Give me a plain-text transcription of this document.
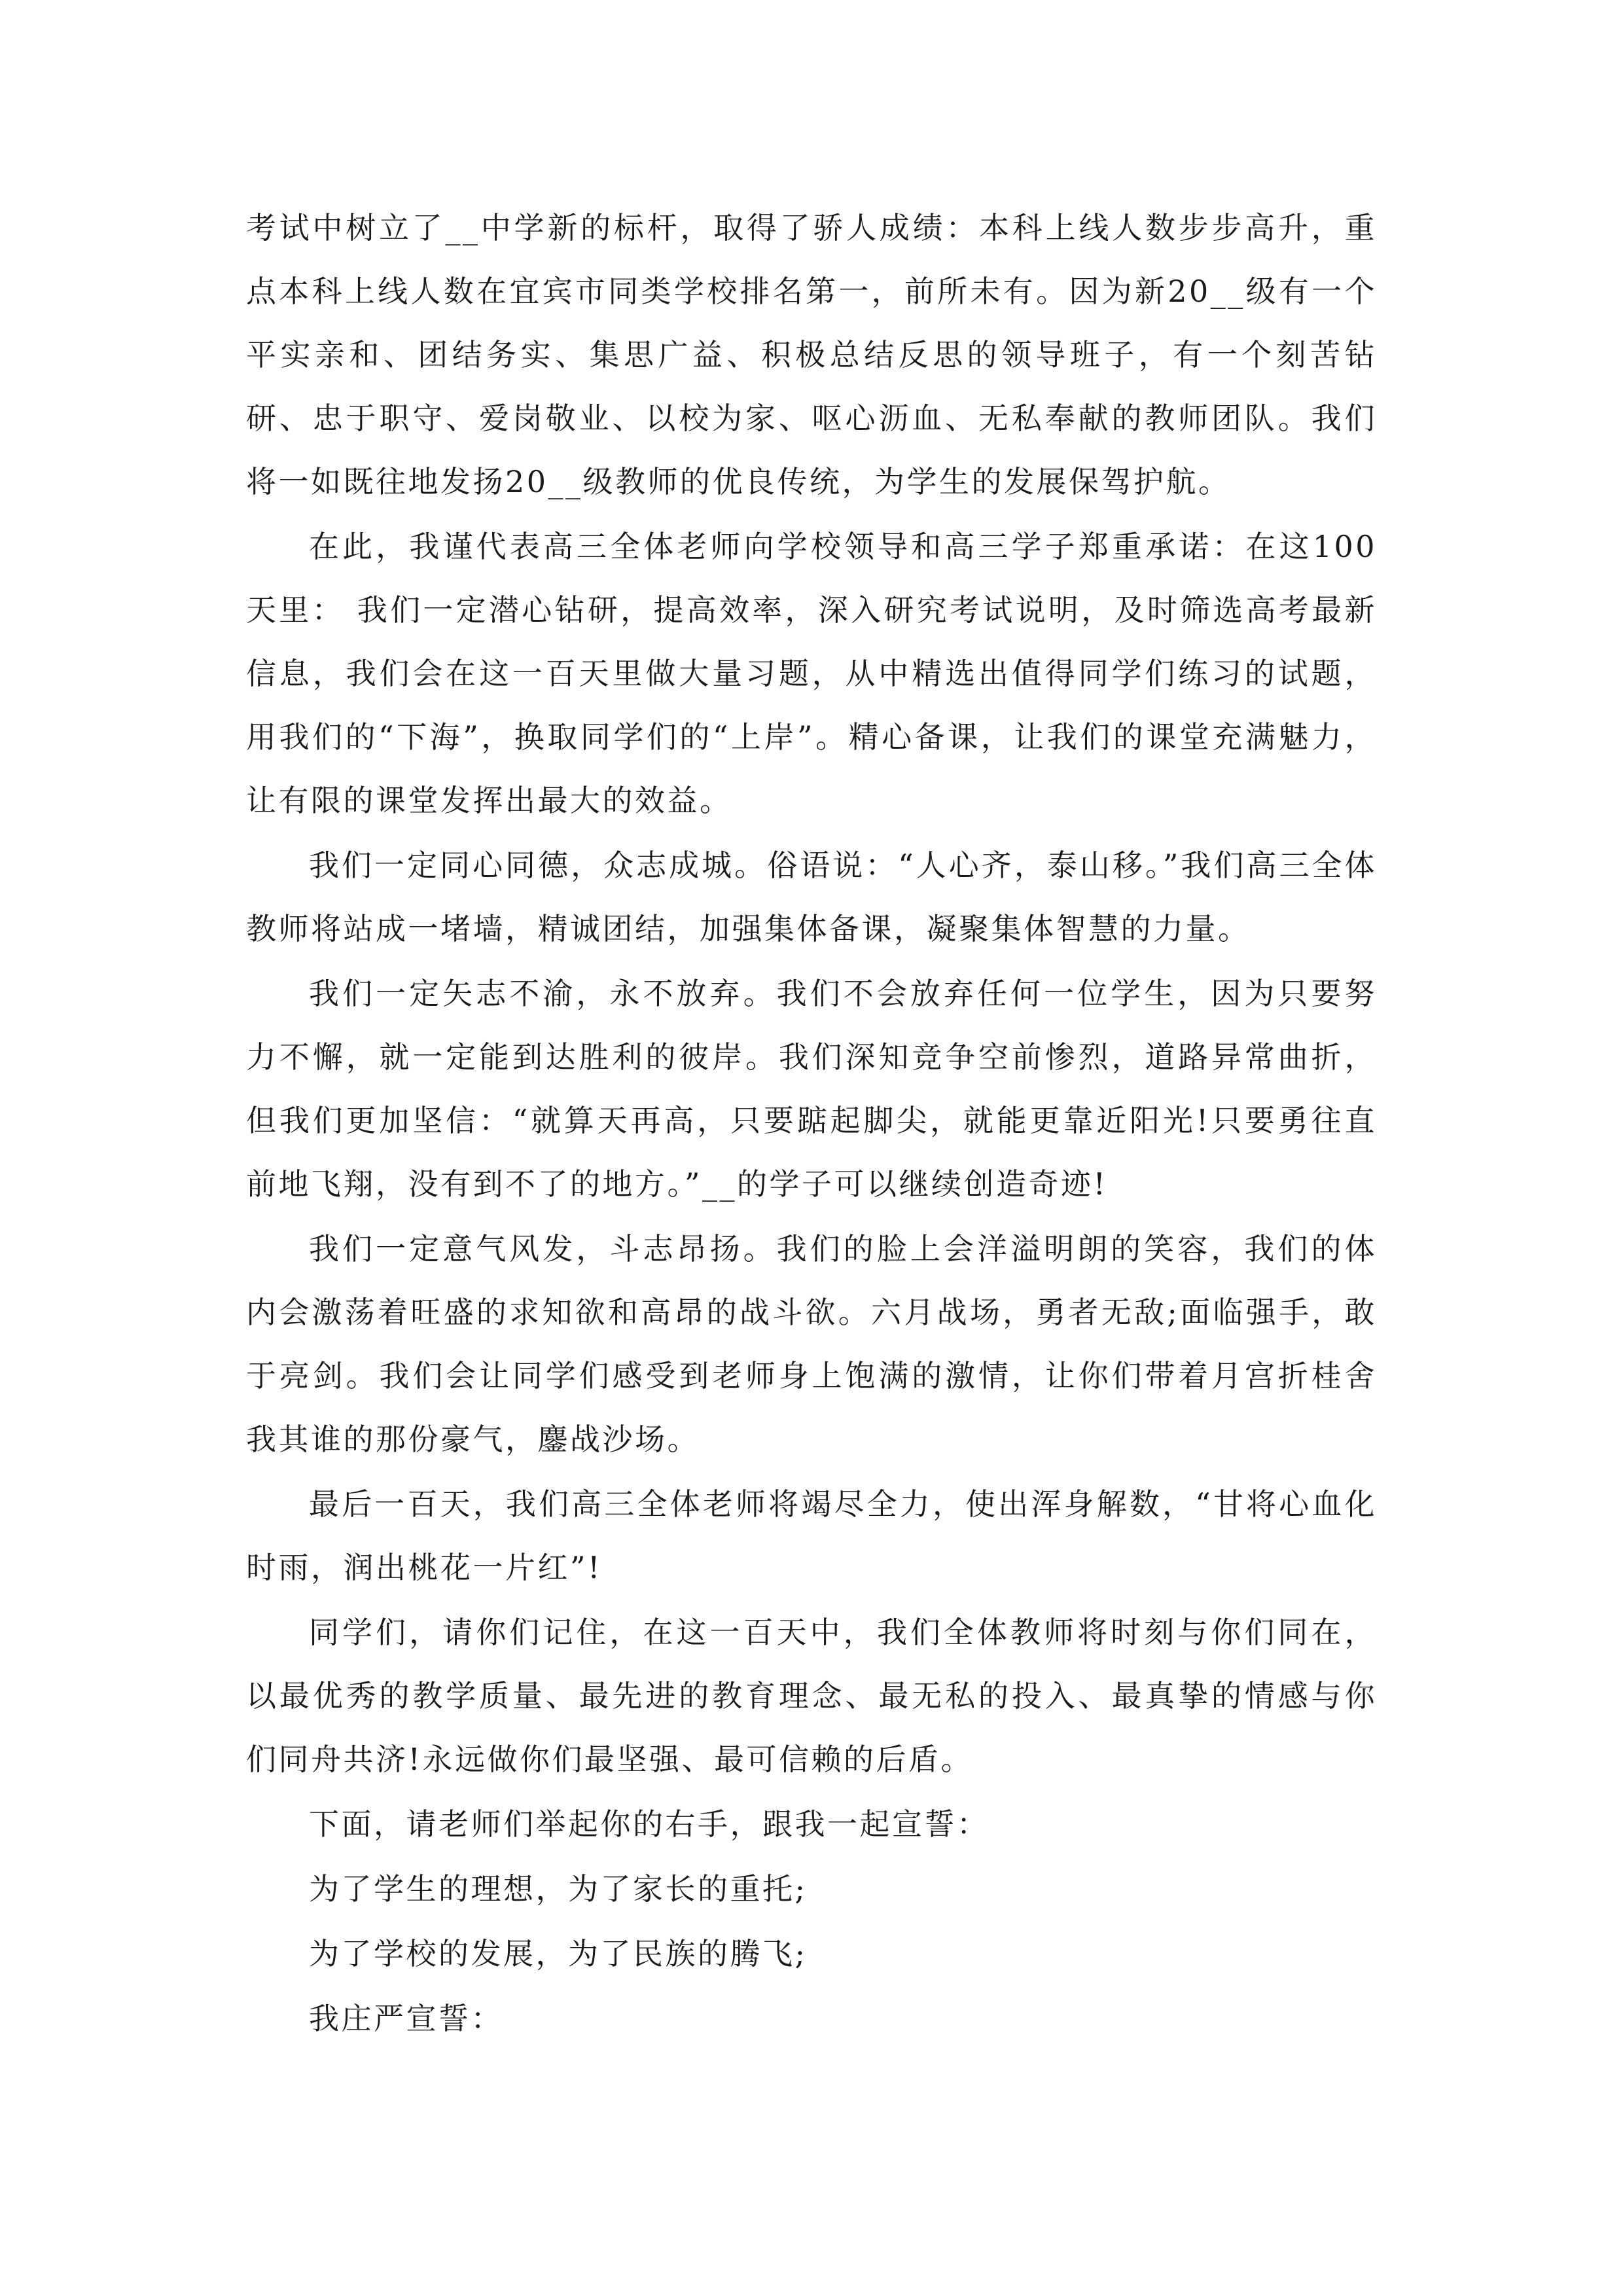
考试中树立了__中学新的标杆，取得了骄人成绩：本科上线人数步步高升，重点本科上线人数在宜宾市同类学校排名第一，前所未有。因为新20__级有一个平实亲和、团结务实、集思广益、积极总结反思的领导班子，有一个刻苦钻研、忠于职守、爱岗敬业、以校为家、呕心沥血、无私奉献的教师团队。我们将一如既往地发扬20__级教师的优良传统，为学生的发展保驾护航。

在此，我谨代表高三全体老师向学校领导和高三学子郑重承诺：在这100天里： 我们一定潜心钻研，提高效率，深入研究考试说明，及时筛选高考最新信息，我们会在这一百天里做大量习题，从中精选出值得同学们练习的试题，用我们的“下海”，换取同学们的“上岸”。精心备课，让我们的课堂充满魅力，让有限的课堂发挥出最大的效益。

我们一定同心同德，众志成城。俗语说：“人心齐，泰山移。”我们高三全体教师将站成一堵墙，精诚团结，加强集体备课，凝聚集体智慧的力量。

我们一定矢志不渝，永不放弃。我们不会放弃任何一位学生，因为只要努力不懈，就一定能到达胜利的彼岸。我们深知竞争空前惨烈，道路异常曲折，但我们更加坚信：“就算天再高，只要踮起脚尖，就能更靠近阳光!只要勇往直前地飞翔，没有到不了的地方。”__的学子可以继续创造奇迹!

我们一定意气风发，斗志昂扬。我们的脸上会洋溢明朗的笑容，我们的体内会激荡着旺盛的求知欲和高昂的战斗欲。六月战场，勇者无敌;面临强手，敢于亮剑。我们会让同学们感受到老师身上饱满的激情，让你们带着月宫折桂舍我其谁的那份豪气，鏖战沙场。

最后一百天，我们高三全体老师将竭尽全力，使出浑身解数，“甘将心血化时雨，润出桃花一片红”!

同学们，请你们记住，在这一百天中，我们全体教师将时刻与你们同在，以最优秀的教学质量、最先进的教育理念、最无私的投入、最真挚的情感与你们同舟共济!永远做你们最坚强、最可信赖的后盾。

下面，请老师们举起你的右手，跟我一起宣誓：

为了学生的理想，为了家长的重托;

为了学校的发展，为了民族的腾飞;

我庄严宣誓：
